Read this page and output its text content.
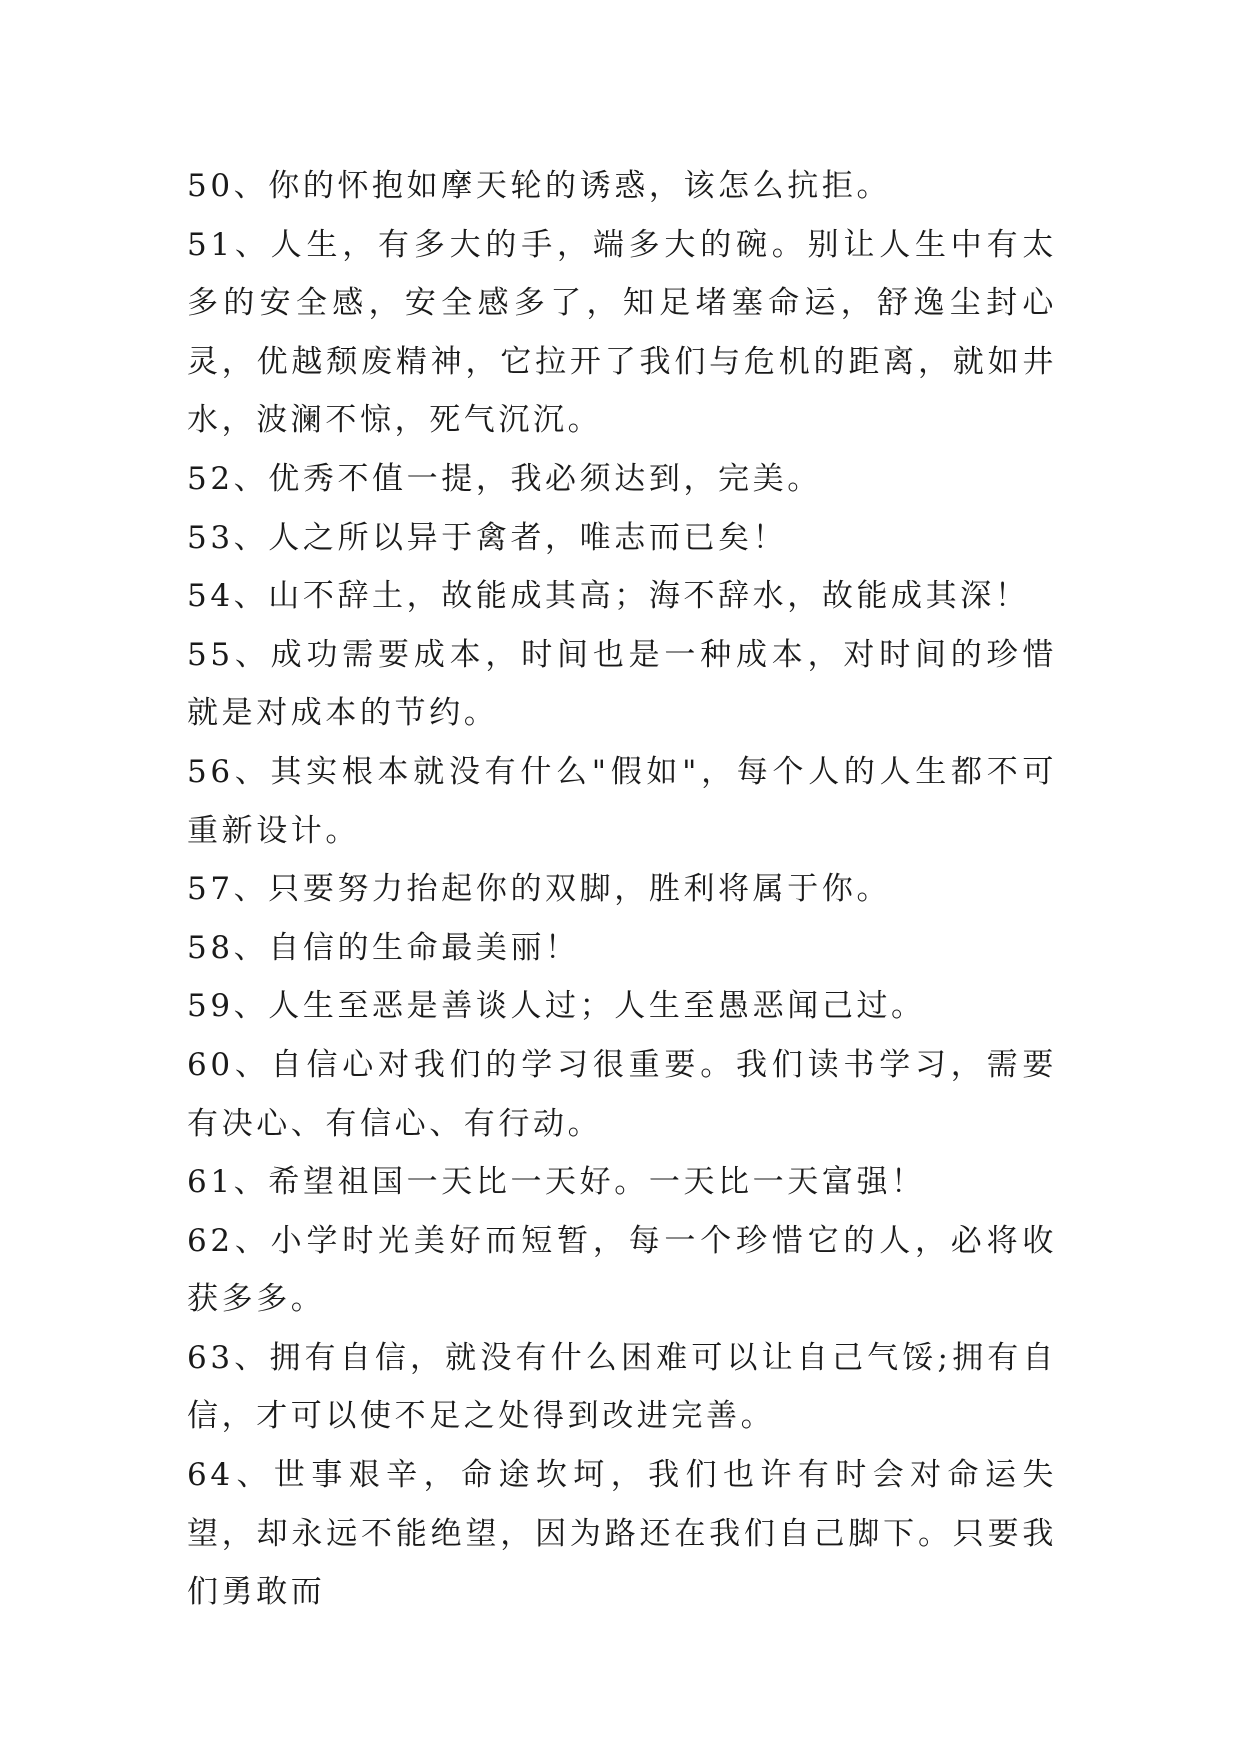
50、你的怀抱如摩天轮的诱惑，该怎么抗拒。

51、人生，有多大的手，端多大的碗。别让人生中有太多的安全感，安全感多了，知足堵塞命运，舒逸尘封心灵，优越颓废精神，它拉开了我们与危机的距离，就如井水，波澜不惊，死气沉沉。

52、优秀不值一提，我必须达到，完美。

53、人之所以异于禽者，唯志而已矣！

54、山不辞土，故能成其高；海不辞水，故能成其深！

55、成功需要成本，时间也是一种成本，对时间的珍惜就是对成本的节约。

56、其实根本就没有什么"假如"，每个人的人生都不可重新设计。

57、只要努力抬起你的双脚，胜利将属于你。

58、自信的生命最美丽！

59、人生至恶是善谈人过；人生至愚恶闻己过。

60、自信心对我们的学习很重要。我们读书学习，需要有决心、有信心、有行动。

61、希望祖国一天比一天好。一天比一天富强！

62、小学时光美好而短暂，每一个珍惜它的人，必将收获多多。

63、拥有自信，就没有什么困难可以让自己气馁;拥有自信，才可以使不足之处得到改进完善。

64、世事艰辛，命途坎坷，我们也许有时会对命运失望，却永远不能绝望，因为路还在我们自己脚下。只要我们勇敢而
